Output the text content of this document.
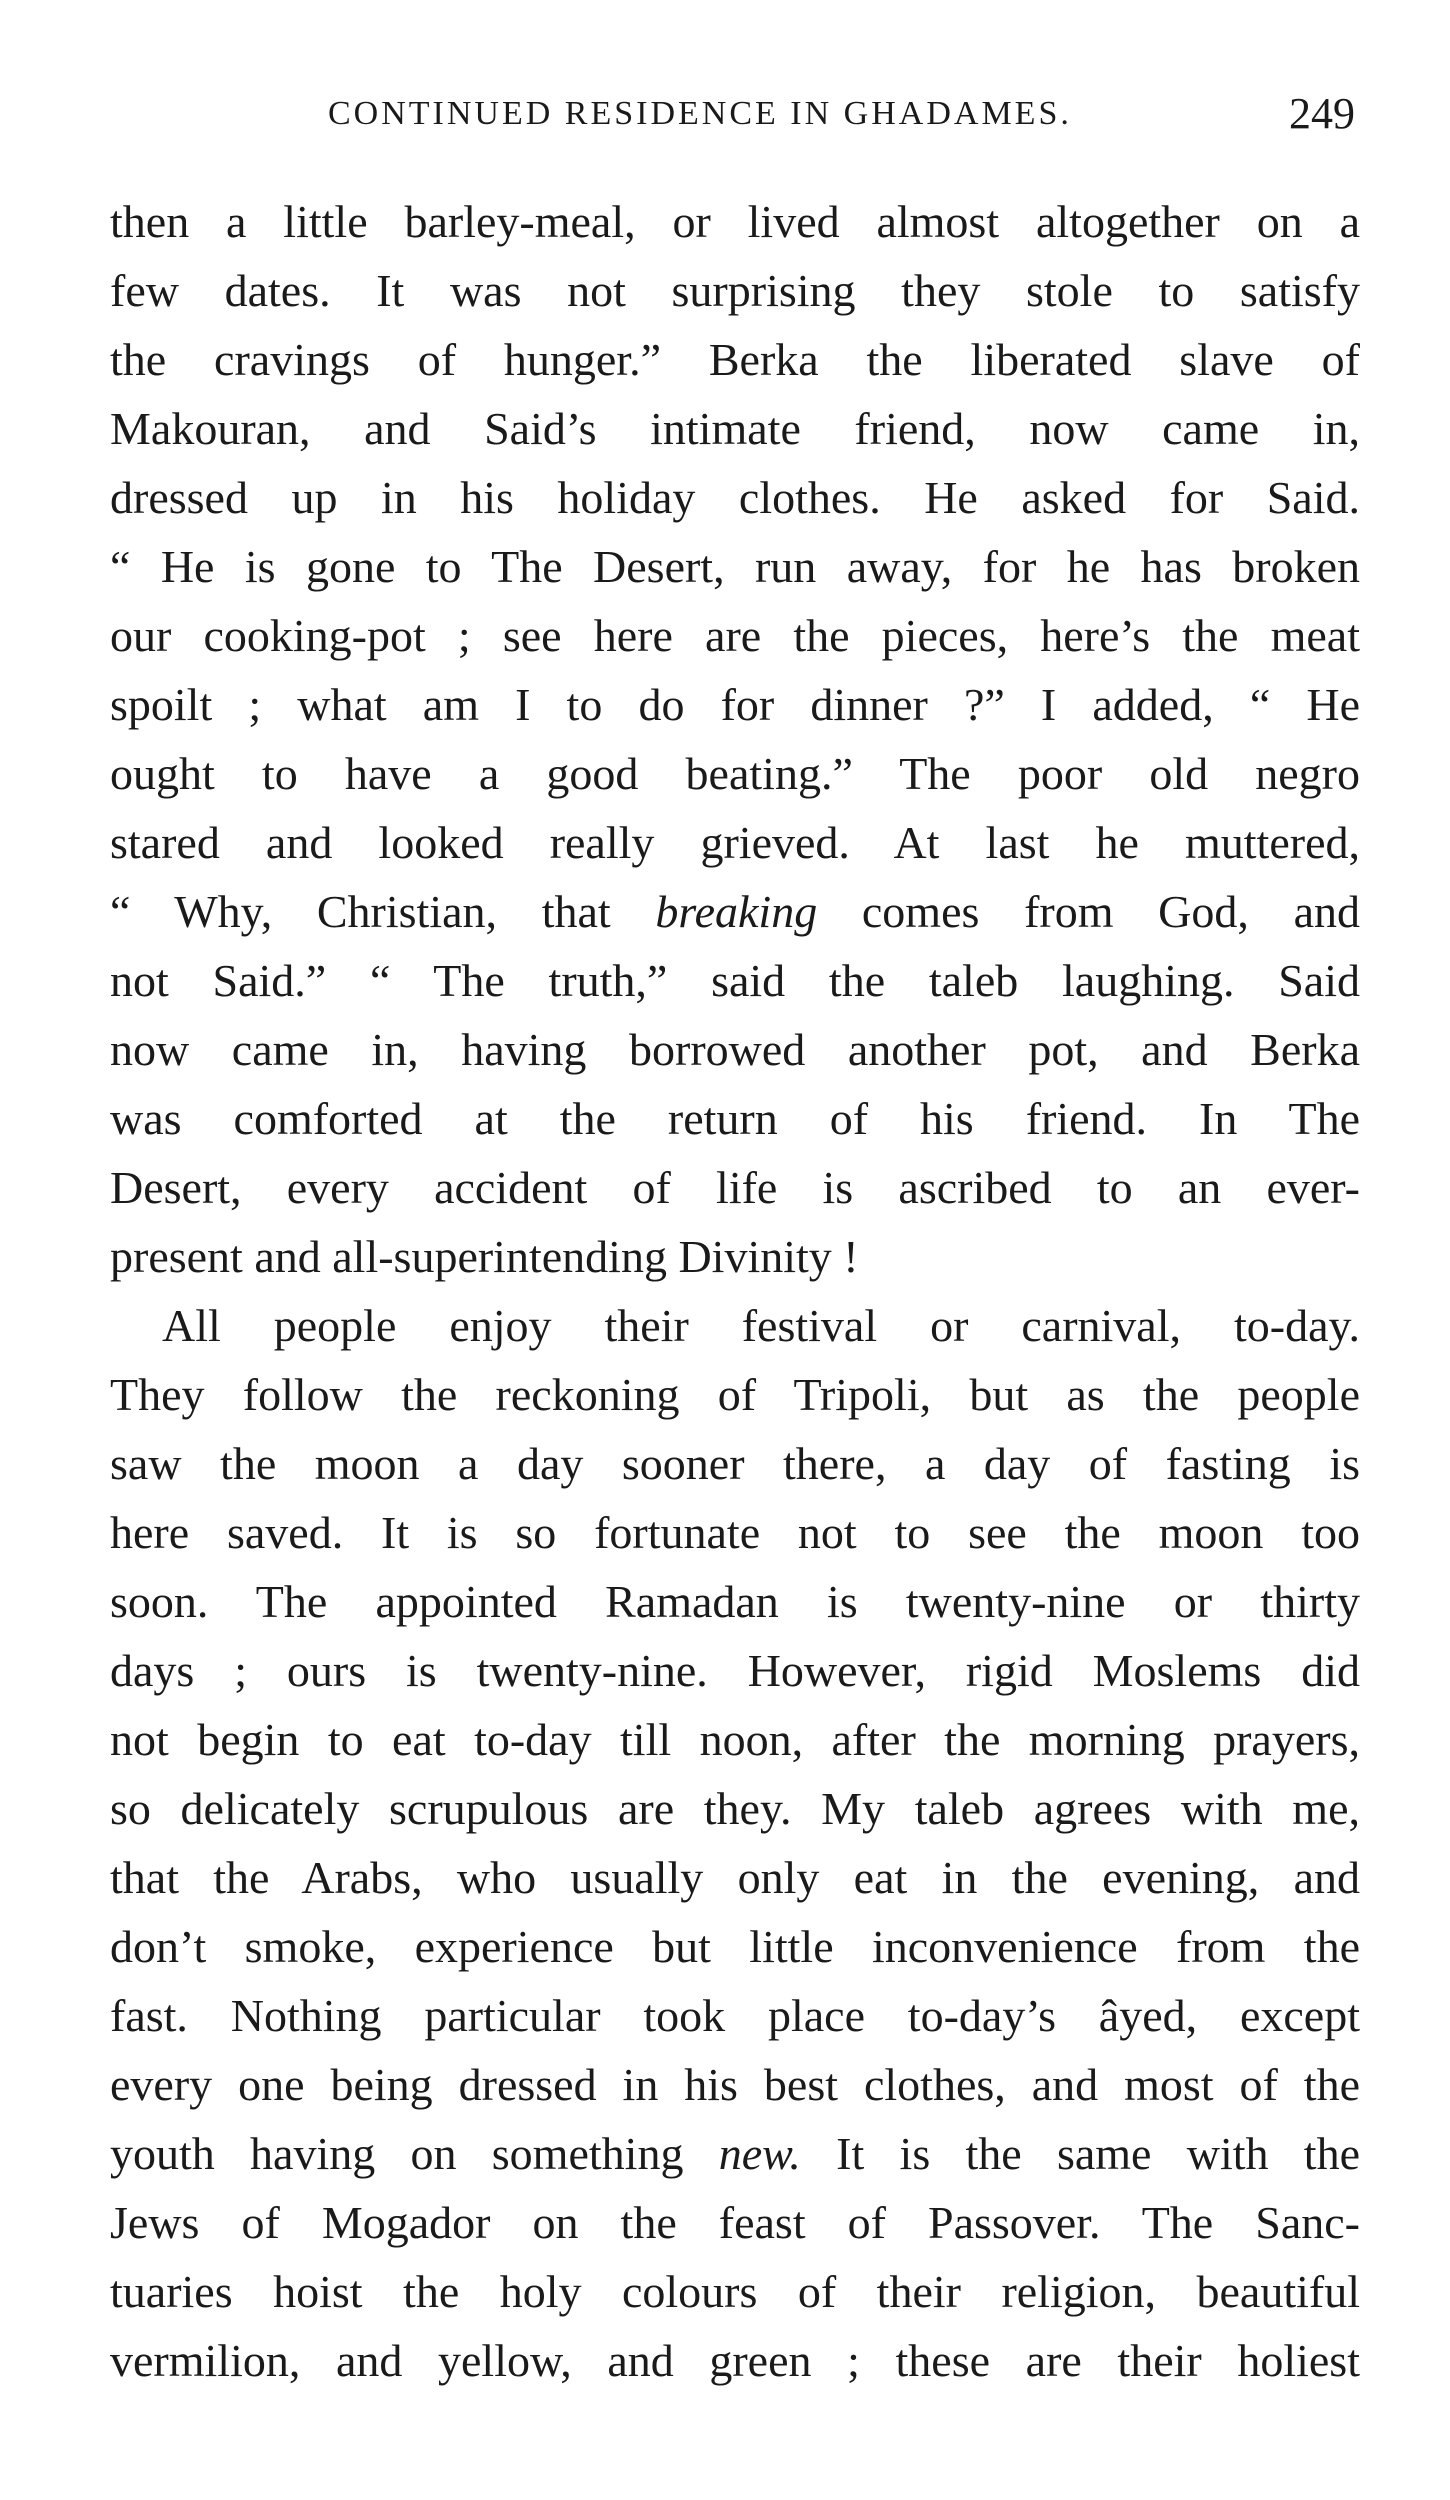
CONTINUED RESIDENCE IN GHADAMES.	249
then a little barley-meal, or lived almost altogether on a
few dates. It was not surprising they stole to satisfy
the cravings of hunger.” Berka the liberated slave of
Makouran, and Said’s intimate friend, now came in,
dressed up in his holiday clothes. He asked for Said.
“ He is gone to The Desert, run away, for he has broken
our cooking-pot ; see here are the pieces, here’s the meat
spoilt ; what am I to do for dinner ?” I added, “ He
ought to have a good beating.” The poor old negro
stared and looked really grieved. At last he muttered,
“ Why, Christian, that breaking comes from God, and
not Said.” “ The truth,” said the taleb laughing. Said
now came in, having borrowed another pot, and Berka
was comforted at the return of his friend. In The
Desert, every accident of life is ascribed to an ever-
present and all-superintending Divinity !
All people enjoy their festival or carnival, to-day.
They follow the reckoning of Tripoli, but as the people
saw the moon a day sooner there, a day of fasting is
here saved. It is so fortunate not to see the moon too
soon. The appointed Ramadan is twenty-nine or thirty
days ; ours is twenty-nine. However, rigid Moslems did
not begin to eat to-day till noon, after the morning prayers,
so delicately scrupulous are they. My taleb agrees with me,
that the Arabs, who usually only eat in the evening, and
don’t smoke, experience but little inconvenience from the
fast. Nothing particular took place to-day’s âyed, except
every one being dressed in his best clothes, and most of the
youth having on something new. It is the same with the
Jews of Mogador on the feast of Passover. The Sanc-
tuaries hoist the holy colours of their religion, beautiful
vermilion, and yellow, and green ; these are their holiest
